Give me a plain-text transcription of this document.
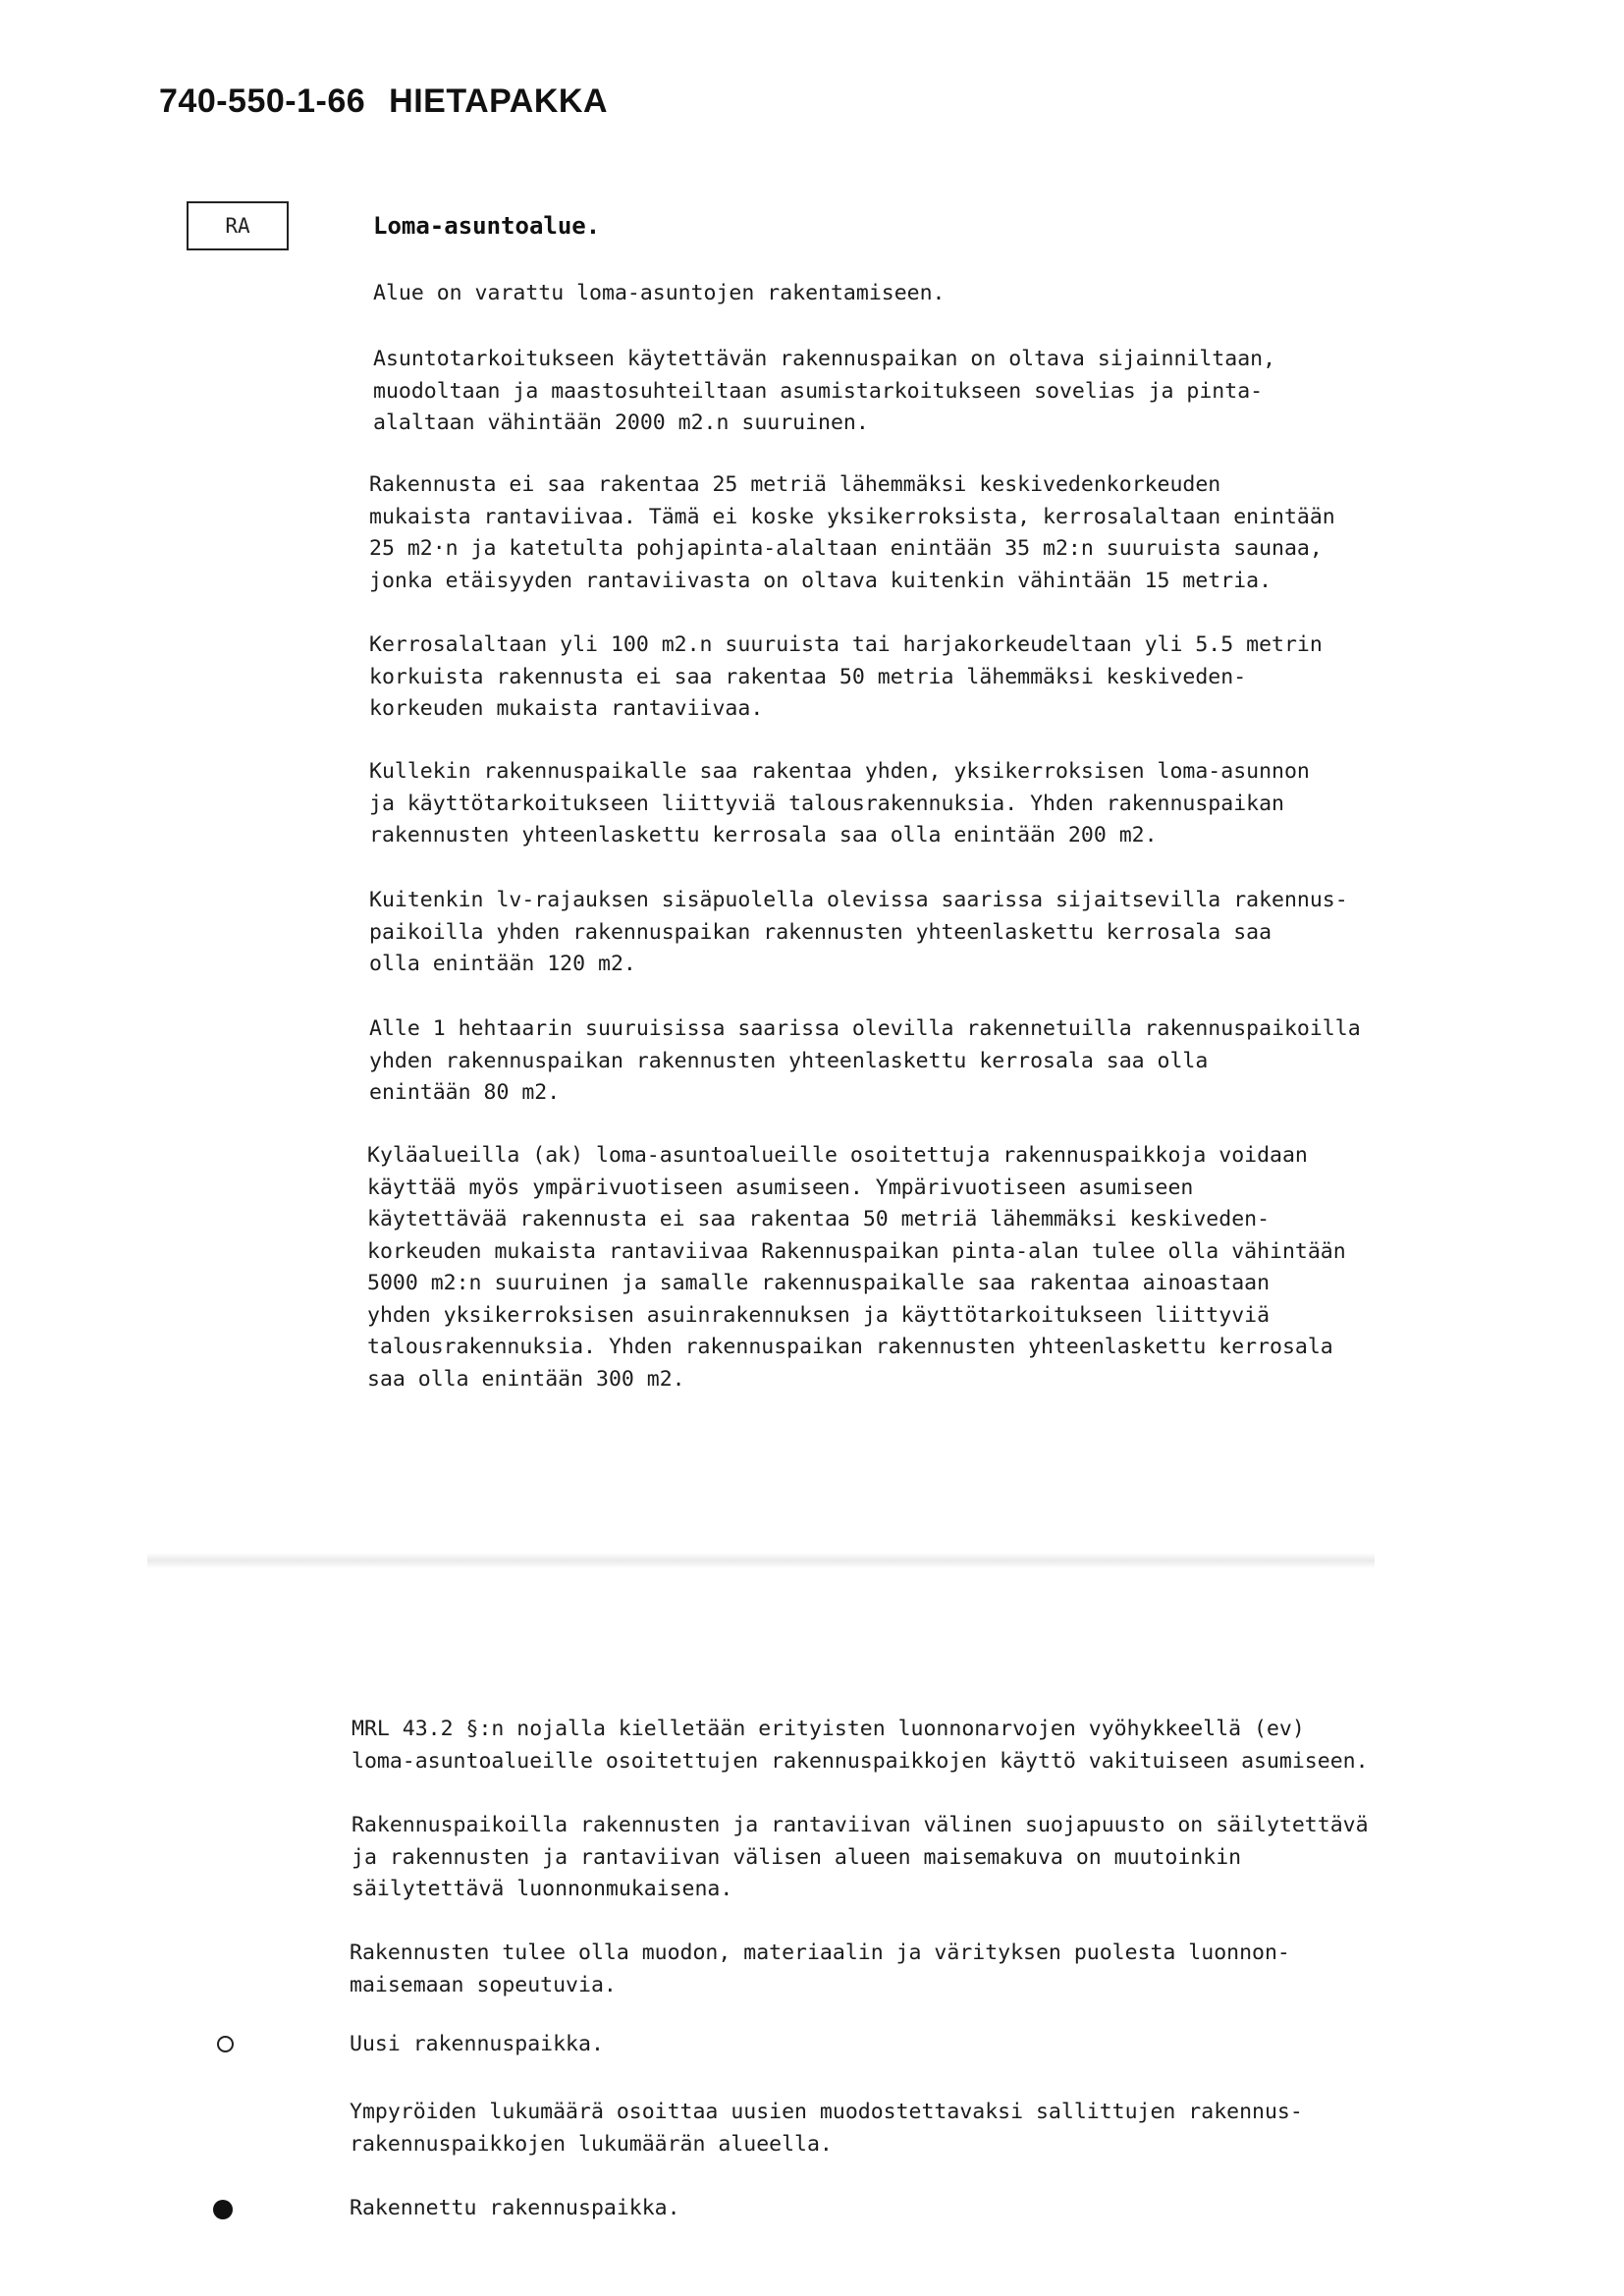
740-550-1-66 HIETAPAKKA
RA	Loma-asuntoalue.

Alue on varattu loma-asuntojen rakentamiseen.

Asuntotarkoitukseen käytettävän rakennuspaikan on oltava sijainniltaan,
muodoltaan ja maastosuhteiltaan asumistarkoitukseen sovelias ja pinta-
alaltaan vähintään 2000 m2.n suuruinen.

Rakennusta ei saa rakentaa 25 metriä lähemmäksi keskivedenkorkeuden
mukaista rantaviivaa. Tämä ei koske yksikerroksista, kerrosalaltaan enintään
25 m2·n ja katetulta pohjapinta-alaltaan enintään 35 m2:n suuruista saunaa,
jonka etäisyyden rantaviivasta on oltava kuitenkin vähintään 15 metria.

Kerrosalaltaan yli 100 m2.n suuruista tai harjakorkeudeltaan yli 5.5 metrin
korkuista rakennusta ei saa rakentaa 50 metria lähemmäksi keskiveden-
korkeuden mukaista rantaviivaa.

Kullekin rakennuspaikalle saa rakentaa yhden, yksikerroksisen loma-asunnon
ja käyttötarkoitukseen liittyviä talousrakennuksia. Yhden rakennuspaikan
rakennusten yhteenlaskettu kerrosala saa olla enintään 200 m2.

Kuitenkin lv-rajauksen sisäpuolella olevissa saarissa sijaitsevilla rakennus-
paikoilla yhden rakennuspaikan rakennusten yhteenlaskettu kerrosala saa
olla enintään 120 m2.

Alle 1 hehtaarin suuruisissa saarissa olevilla rakennetuilla rakennuspaikoilla
yhden rakennuspaikan rakennusten yhteenlaskettu kerrosala saa olla
enintään 80 m2.

Kyläalueilla (ak) loma-asuntoalueille osoitettuja rakennuspaikkoja voidaan
käyttää myös ympärivuotiseen asumiseen. Ympärivuotiseen asumiseen
käytettävää rakennusta ei saa rakentaa 50 metriä lähemmäksi keskiveden-
korkeuden mukaista rantaviivaa Rakennuspaikan pinta-alan tulee olla vähintään
5000 m2:n suuruinen ja samalle rakennuspaikalle saa rakentaa ainoastaan
yhden yksikerroksisen asuinrakennuksen ja käyttötarkoitukseen liittyviä
talousrakennuksia. Yhden rakennuspaikan rakennusten yhteenlaskettu kerrosala
saa olla enintään 300 m2.

MRL 43.2 §:n nojalla kielletään erityisten luonnonarvojen vyöhykkeellä (ev)
loma-asuntoalueille osoitettujen rakennuspaikkojen käyttö vakituiseen asumiseen.

Rakennuspaikoilla rakennusten ja rantaviivan välinen suojapuusto on säilytettävä
ja rakennusten ja rantaviivan välisen alueen maisemakuva on muutoinkin
säilytettävä luonnonmukaisena.

Rakennusten tulee olla muodon, materiaalin ja värityksen puolesta luonnon-
maisemaan sopeutuvia.

Uusi rakennuspaikka.

Ympyröiden lukumäärä osoittaa uusien muodostettavaksi sallittujen rakennus-
rakennuspaikkojen lukumäärän alueella.

Rakennettu rakennuspaikka.
